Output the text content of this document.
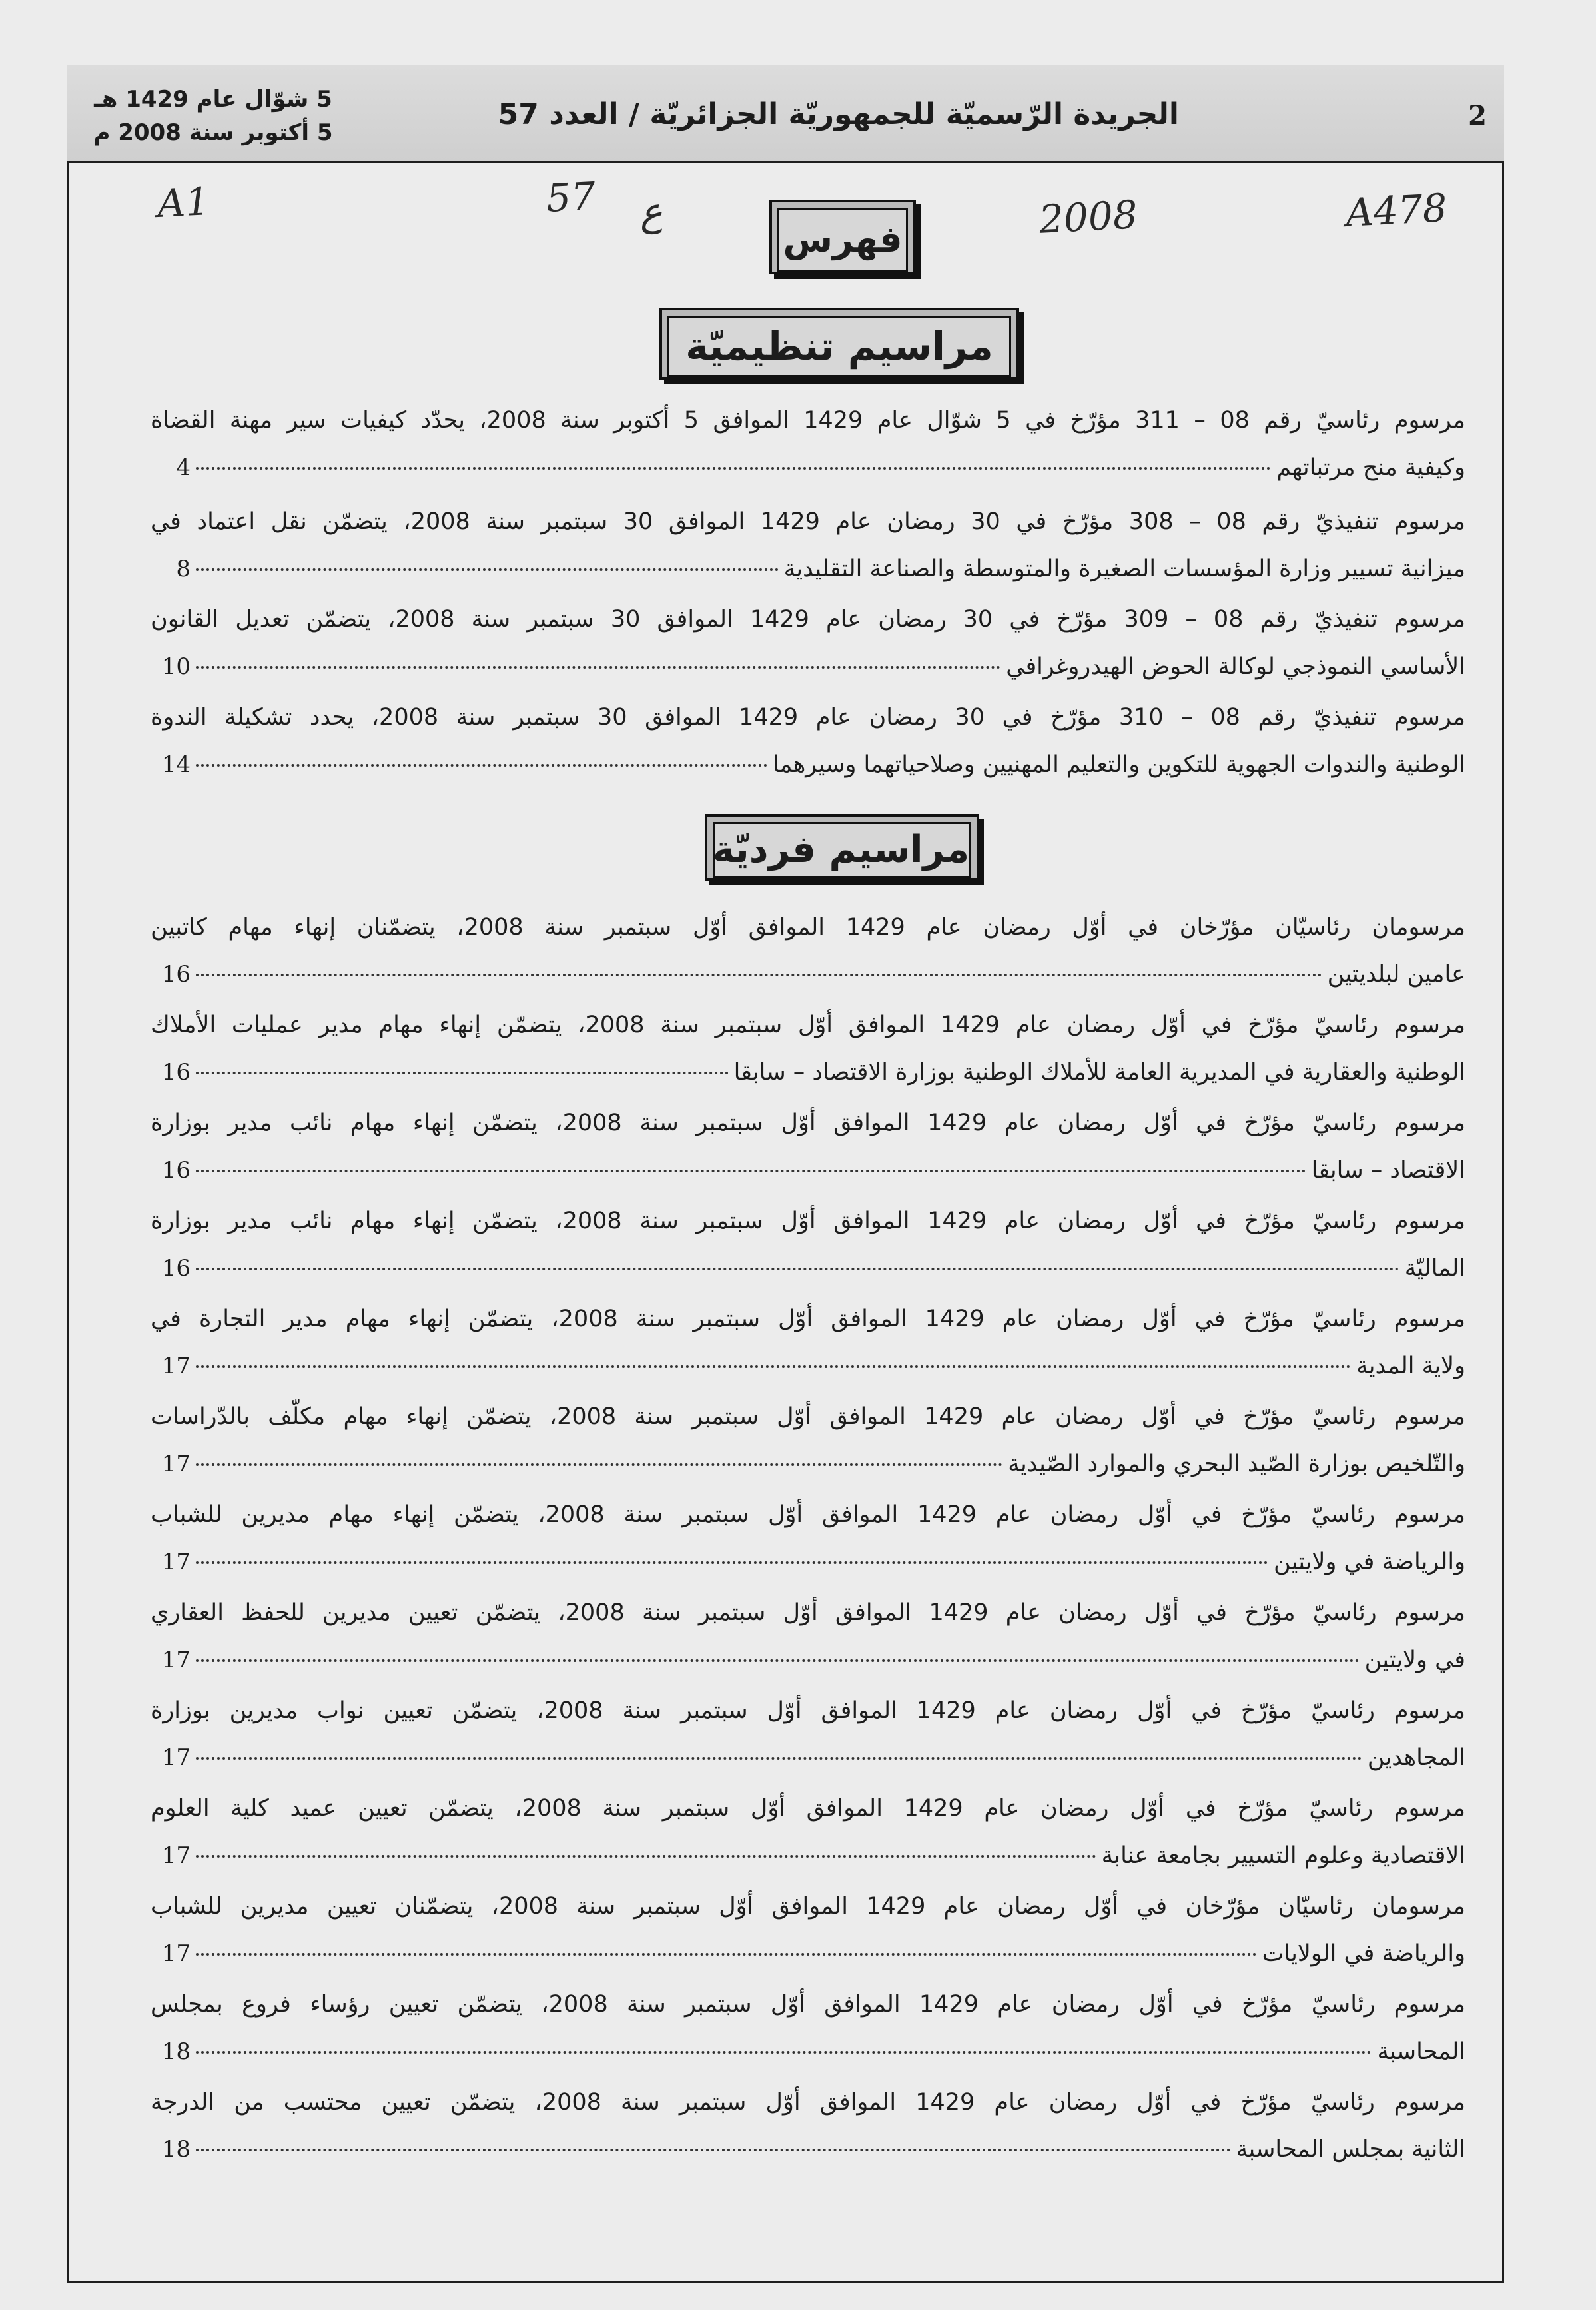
2
الجريدة الرّسميّة للجمهوريّة الجزائريّة / العدد 57
5 شوّال عام 1429 هـ
5 أكتوبر سنة 2008 م
A1	57 ع	2008	A478
فهرس
مراسيم تنظيميّة
مراسيم فرديّة
مرسوم رئاسيّ رقم 08 – 311 مؤرّخ في 5 شوّال عام 1429 الموافق 5 أكتوبر سنة 2008، يحدّد كيفيات سير مهنة القضاة
وكيفية منح مرتباتهم
4
مرسوم تنفيذيّ رقم 08 – 308 مؤرّخ في 30 رمضان عام 1429 الموافق 30 سبتمبر سنة 2008، يتضمّن نقل اعتماد في
ميزانية تسيير وزارة المؤسسات الصغيرة والمتوسطة والصناعة التقليدية
8
مرسوم تنفيذيّ رقم 08 – 309 مؤرّخ في 30 رمضان عام 1429 الموافق 30 سبتمبر سنة 2008، يتضمّن تعديل القانون
الأساسي النموذجي لوكالة الحوض الهيدروغرافي
10
مرسوم تنفيذيّ رقم 08 – 310 مؤرّخ في 30 رمضان عام 1429 الموافق 30 سبتمبر سنة 2008، يحدد تشكيلة الندوة
الوطنية والندوات الجهوية للتكوين والتعليم المهنيين وصلاحياتهما وسيرهما
14
مرسومان رئاسيّان مؤرّخان في أوّل رمضان عام 1429 الموافق أوّل سبتمبر سنة 2008، يتضمّنان إنهاء مهام كاتبين
عامين لبلديتين
16
مرسوم رئاسيّ مؤرّخ في أوّل رمضان عام 1429 الموافق أوّل سبتمبر سنة 2008، يتضمّن إنهاء مهام مدير عمليات الأملاك
الوطنية والعقارية في المديرية العامة للأملاك الوطنية بوزارة الاقتصاد – سابقا
16
مرسوم رئاسيّ مؤرّخ في أوّل رمضان عام 1429 الموافق أوّل سبتمبر سنة 2008، يتضمّن إنهاء مهام نائب مدير بوزارة
الاقتصاد – سابقا
16
مرسوم رئاسيّ مؤرّخ في أوّل رمضان عام 1429 الموافق أوّل سبتمبر سنة 2008، يتضمّن إنهاء مهام نائب مدير بوزارة
الماليّة
16
مرسوم رئاسيّ مؤرّخ في أوّل رمضان عام 1429 الموافق أوّل سبتمبر سنة 2008، يتضمّن إنهاء مهام مدير التجارة في
ولاية المدية
17
مرسوم رئاسيّ مؤرّخ في أوّل رمضان عام 1429 الموافق أوّل سبتمبر سنة 2008، يتضمّن إنهاء مهام مكلّف بالدّراسات
والتّلخيص بوزارة الصّيد البحري والموارد الصّيدية
17
مرسوم رئاسيّ مؤرّخ في أوّل رمضان عام 1429 الموافق أوّل سبتمبر سنة 2008، يتضمّن إنهاء مهام مديرين للشباب
والرياضة في ولايتين
17
مرسوم رئاسيّ مؤرّخ في أوّل رمضان عام 1429 الموافق أوّل سبتمبر سنة 2008، يتضمّن تعيين مديرين للحفظ العقاري
في ولايتين
17
مرسوم رئاسيّ مؤرّخ في أوّل رمضان عام 1429 الموافق أوّل سبتمبر سنة 2008، يتضمّن تعيين نواب مديرين بوزارة
المجاهدين
17
مرسوم رئاسيّ مؤرّخ في أوّل رمضان عام 1429 الموافق أوّل سبتمبر سنة 2008، يتضمّن تعيين عميد كلية العلوم
الاقتصادية وعلوم التسيير بجامعة عنابة
17
مرسومان رئاسيّان مؤرّخان في أوّل رمضان عام 1429 الموافق أوّل سبتمبر سنة 2008، يتضمّنان تعيين مديرين للشباب
والرياضة في الولايات
17
مرسوم رئاسيّ مؤرّخ في أوّل رمضان عام 1429 الموافق أوّل سبتمبر سنة 2008، يتضمّن تعيين رؤساء فروع بمجلس
المحاسبة
18
مرسوم رئاسيّ مؤرّخ في أوّل رمضان عام 1429 الموافق أوّل سبتمبر سنة 2008، يتضمّن تعيين محتسب من الدرجة
الثانية بمجلس المحاسبة
18
